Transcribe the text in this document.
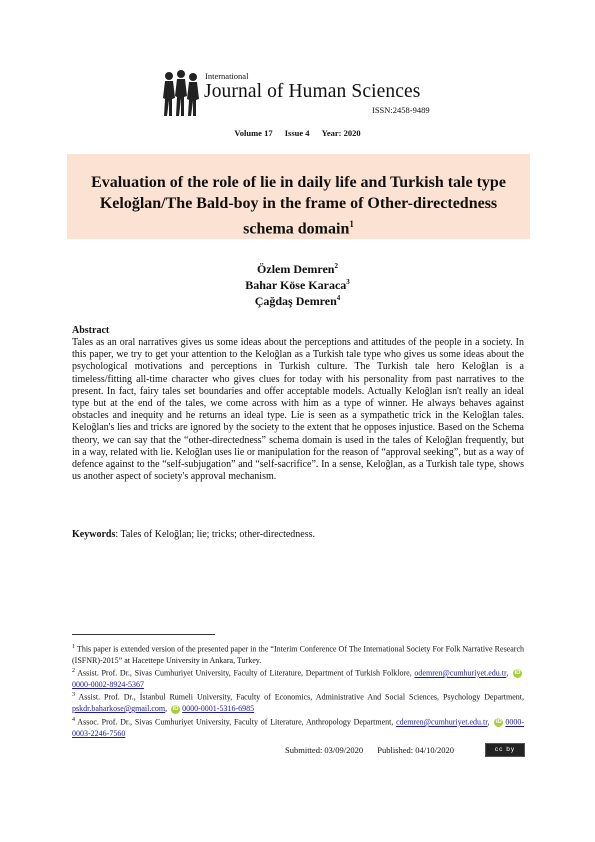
International
Journal of Human Sciences
ISSN:2458-9489
Volume 17 Issue 4 Year: 2020
Evaluation of the role of lie in daily life and Turkish tale type Keloğlan/The Bald-boy in the frame of Other-directedness schema domain$^1$
Özlem Demren$^2$
Bahar Köse Karaca$^3$
Çağdaş Demren$^4$
Abstract
Tales as an oral narratives gives us some ideas about the perceptions and attitudes of the people in a society. In this paper, we try to get your attention to the Keloğlan as a Turkish tale type who gives us some ideas about the psychological motivations and perceptions in Turkish culture. The Turkish tale hero Keloğlan is a timeless/fitting all-time character who gives clues for today with his personality from past narratives to the present. In fact, fairy tales set boundaries and offer acceptable models. Actually Keloğlan isn't really an ideal type but at the end of the tales, we come across with him as a type of winner. He always behaves against obstacles and inequity and he returns an ideal type. Lie is seen as a sympathetic trick in the Keloğlan tales. Keloğlan's lies and tricks are ignored by the society to the extent that he opposes injustice. Based on the Schema theory, we can say that the “other-directedness” schema domain is used in the tales of Keloğlan frequently, but in a way, related with lie. Keloğlan uses lie or manipulation for the reason of “approval seeking”, but as a way of defence against to the “self-subjugation” and “self-sacrifice”. In a sense, Keloğlan, as a Turkish tale type, shows us another aspect of society's approval mechanism.
Keywords: Tales of Keloğlan; lie; tricks; other-directedness.
$^1$ This paper is extended version of the presented paper in the “Interim Conference Of The International Society For Folk Narrative Research (ISFNR)-2015” at Hacettepe University in Ankara, Turkey.
$^2$ Assist. Prof. Dr., Sivas Cumhuriyet University, Faculty of Literature, Department of Turkish Folklore, odemren@cumhuriyet.edu.tr, iD0000-0002-8924-5367
$^3$ Assist. Prof. Dr., İstanbul Rumeli University, Faculty of Economics, Administrative And Social Sciences, Psychology Department, pskdr.baharkose@gmail.com, iD 0000-0001-5316-6985
$^4$ Assoc. Prof. Dr., Sivas Cumhuriyet University, Faculty of Literature, Anthropology Department, cdemren@cumhuriyet.edu.tr, iD 0000-0003-2246-7560
Submitted: 03/09/2020 Published: 04/10/2020	cc by
